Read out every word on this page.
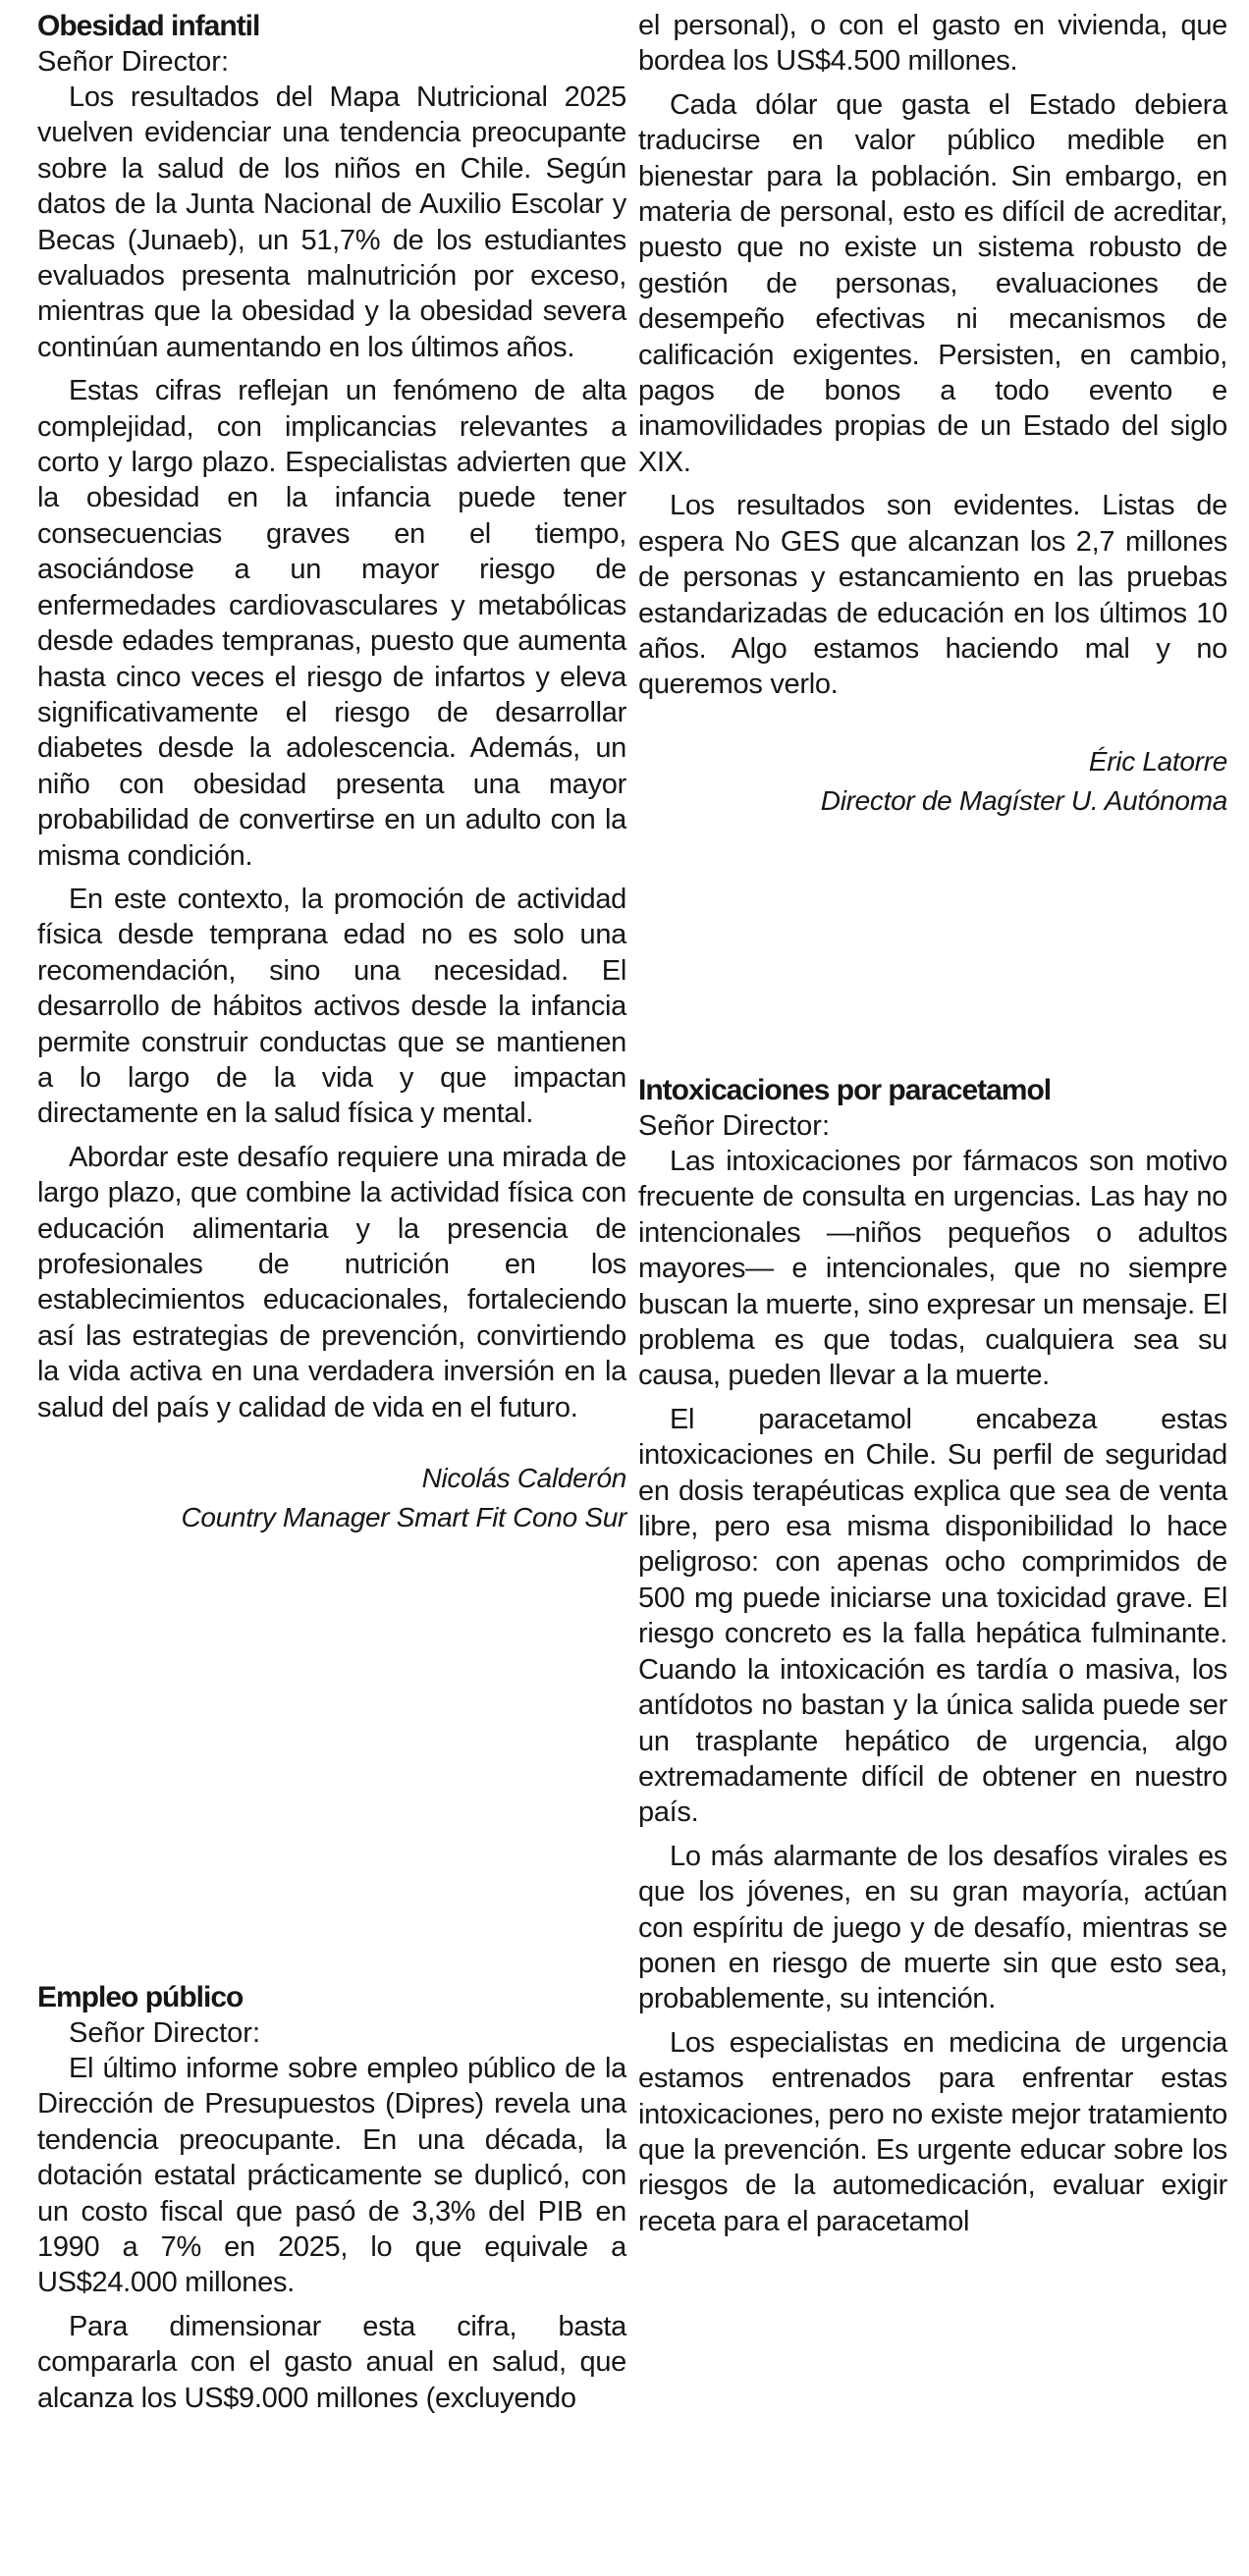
Obesidad infantil

Señor Director:

Los resultados del Mapa Nutricional 2025 vuelven evidenciar una tendencia preocupante sobre la salud de los niños en Chile. Según datos de la Junta Nacional de Auxilio Escolar y Becas (Junaeb), un 51,7% de los estudiantes evaluados presenta malnutrición por exceso, mientras que la obesidad y la obesidad severa continúan aumentando en los últimos años.

Estas cifras reflejan un fenómeno de alta complejidad, con implicancias relevantes a corto y largo plazo. Especialistas advierten que la obesidad en la infancia puede tener consecuencias graves en el tiempo, asociándose a un mayor riesgo de enfermedades cardiovasculares y metabólicas desde edades tempranas, puesto que aumenta hasta cinco veces el riesgo de infartos y eleva significativamente el riesgo de desarrollar diabetes desde la adolescencia. Además, un niño con obesidad presenta una mayor probabilidad de convertirse en un adulto con la misma condición.

En este contexto, la promoción de actividad física desde temprana edad no es solo una recomendación, sino una necesidad. El desarrollo de hábitos activos desde la infancia permite construir conductas que se mantienen a lo largo de la vida y que impactan directamente en la salud física y mental.

Abordar este desafío requiere una mirada de largo plazo, que combine la actividad física con educación alimentaria y la presencia de profesionales de nutrición en los establecimientos educacionales, fortaleciendo así las estrategias de prevención, convirtiendo la vida activa en una verdadera inversión en la salud del país y calidad de vida en el futuro.

Nicolás Calderón
Country Manager Smart Fit Cono Sur

Empleo público

Señor Director:

El último informe sobre empleo público de la Dirección de Presupuestos (Dipres) revela una tendencia preocupante. En una década, la dotación estatal prácticamente se duplicó, con un costo fiscal que pasó de 3,3% del PIB en 1990 a 7% en 2025, lo que equivale a US$24.000 millones.

Para dimensionar esta cifra, basta compararla con el gasto anual en salud, que alcanza los US$9.000 millones (excluyendo

el personal), o con el gasto en vivienda, que bordea los US$4.500 millones.

Cada dólar que gasta el Estado debiera traducirse en valor público medible en bienestar para la población. Sin embargo, en materia de personal, esto es difícil de acreditar, puesto que no existe un sistema robusto de gestión de personas, evaluaciones de desempeño efectivas ni mecanismos de calificación exigentes. Persisten, en cambio, pagos de bonos a todo evento e inamovilidades propias de un Estado del siglo XIX.

Los resultados son evidentes. Listas de espera No GES que alcanzan los 2,7 millones de personas y estancamiento en las pruebas estandarizadas de educación en los últimos 10 años. Algo estamos haciendo mal y no queremos verlo.

Éric Latorre
Director de Magíster U. Autónoma

Intoxicaciones por paracetamol

Señor Director:

Las intoxicaciones por fármacos son motivo frecuente de consulta en urgencias. Las hay no intencionales —niños pequeños o adultos mayores— e intencionales, que no siempre buscan la muerte, sino expresar un mensaje. El problema es que todas, cualquiera sea su causa, pueden llevar a la muerte.

El paracetamol encabeza estas intoxicaciones en Chile. Su perfil de seguridad en dosis terapéuticas explica que sea de venta libre, pero esa misma disponibilidad lo hace peligroso: con apenas ocho comprimidos de 500 mg puede iniciarse una toxicidad grave. El riesgo concreto es la falla hepática fulminante. Cuando la intoxicación es tardía o masiva, los antídotos no bastan y la única salida puede ser un trasplante hepático de urgencia, algo extremadamente difícil de obtener en nuestro país.

Lo más alarmante de los desafíos virales es que los jóvenes, en su gran mayoría, actúan con espíritu de juego y de desafío, mientras se ponen en riesgo de muerte sin que esto sea, probablemente, su intención.

Los especialistas en medicina de urgencia estamos entrenados para enfrentar estas intoxicaciones, pero no existe mejor tratamiento que la prevención. Es urgente educar sobre los riesgos de la automedicación, evaluar exigir receta para el paracetamol
